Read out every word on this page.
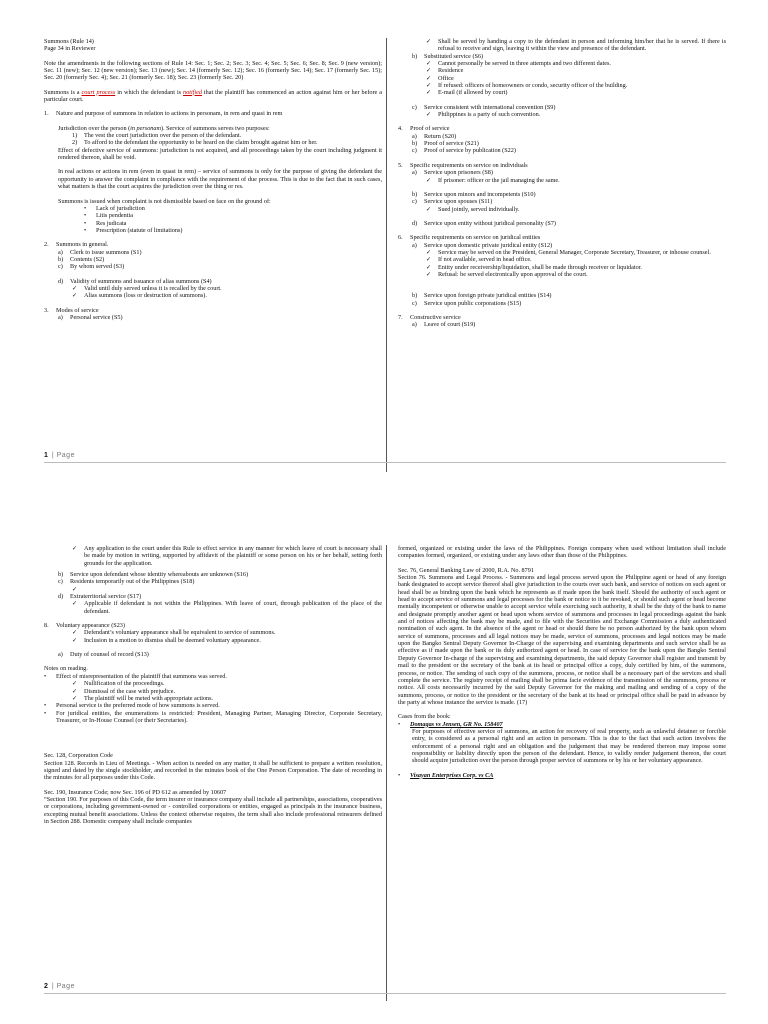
Summons (Rule 14)

Page 34 in Reviewer

Note the amendments in the following sections of Rule 14: Sec. 1; Sec. 2; Sec. 3; Sec. 4; Sec. 5; Sec. 6; Sec. 8; Sec. 9 (new version); Sec. 11 (new); Sec. 12 (new version); Sec. 13 (new); Sec. 14 (formerly Sec. 12); Sec. 16 (formerly Sec. 14); Sec. 17 (formerly Sec. 15); Sec. 20 (formerly Sec. 4); Sec. 21 (formerly Sec. 18); Sec. 23 (formerly Sec. 20)

Summons is a court process in which the defendant is notified that the plaintiff has commenced an action against him or her before a particular court.

1.	Nature and purpose of summons in relation to actions in personam, in rem and quasi in rem

Jurisdiction over the person (in personam). Service of summons serves two purposes:

1)	The vest the court jurisdiction over the person of the defendant.
2)	To afford to the defendant the opportunity to be heard on the claim brought against him or her.

Effect of defective service of summons: jurisdiction is not acquired, and all proceedings taken by the court including judgment it rendered thereon, shall be void.

In real actions or actions in rem (even in quasi in rem) – service of summons is only for the purpose of giving the defendant the opportunity to answer the complaint in compliance with the requirement of due process. This is due to the fact that in such cases, what matters is that the court acquires the jurisdiction over the thing or res.

Summons is issued when complaint is not dismissible based on face on the ground of:

•	Lack of jurisdiction
•	Litis pendentia
•	Res judicata
•	Prescription (statute of limitations)
2.	Summons in general.
a)	Clerk to issue summons (S1)
b)	Contents (S2)
c)	By whom served (S3)
d)	Validity of summons and issuance of alias summons (S4)
✓	Valid until duly served unless it is recalled by the court.
✓	Alias summons (loss or destruction of summons).
3.	Modes of service
a)	Personal service (S5)
✓	Shall be served by handing a copy to the defendant in person and informing him/her that he is served. If there is refusal to receive and sign, leaving it within the view and presence of the defendant.
b)	Substituted service (S6)
✓	Cannot personally be served in three attempts and two different dates.
✓	Residence
✓	Office
✓	If refused: officers of homeowners or condo, security officer of the building.
✓	E-mail (if allowed by court)
c)	Service consistent with international convention (S9)
✓	Philippines is a party of such convention.
4.	Proof of service
a)	Return (S20)
b)	Proof of service (S21)
c)	Proof of service by publication (S22)
5.	Specific requirements on service on individuals
a)	Service upon prisoners (S8)
✓	If prisoner: officer or the jail managing the same.
b)	Service upon minors and incompetents (S10)
c)	Service upon spouses (S11)
✓	Sued jointly, served individually.
d)	Service upon entity without juridical personality (S7)
6.	Specific requirements on service on juridical entities
a)	Service upon domestic private juridical entity (S12)
✓	Service may be served on the President, General Manager, Corporate Secretary, Treasurer, or inhouse counsel.
✓	If not available, served in head office.
✓	Entity under receivership/liquidation, shall be made through receiver or liquidator.
✓	Refusal: be served electronically upon approval of the court.
b)	Service upon foreign private juridical entities (S14)
c)	Service upon public corporations (S15)
7.	Constructive service
a)	Leave of court (S19)
1 | Page
✓	Any application to the court under this Rule to effect service in any manner for which leave of court is necessary shall be made by motion in writing, supported by affidavit of the plaintiff or some person on his or her behalf, setting forth grounds for the application.
b)	Service upon defendant whose identity whereabouts are unknown (S16)
c)	Residents temporarily out of the Philippines (S18)
✓
d)	Extraterritorial service (S17)
✓	Applicable if defendant is not within the Philippines. With leave of court, through publication of the place of the defendant.
8.	Voluntary appearance (S23)
✓	Defendant’s voluntary appearance shall be equivalent to service of summons.
✓	Inclusion in a motion to dismiss shall be deemed voluntary appearance.
a)	Duty of counsel of record (S13)

Notes on reading.

•	Effect of misrepresentation of the plaintiff that summons was served.
✓	Nullification of the proceedings.
✓	Dismissal of the case with prejudice.
✓	The plaintiff will be meted with appropriate actions.
•	Personal service is the preferred mode of how summons is served.
•	For juridical entities, the enumerations is restricted: President, Managing Partner, Managing Director, Corporate Secretary, Treasurer, or In-House Counsel (or their Secretaries).

Sec. 128, Corporation Code

Section 128. Records in Lieu of Meetings. - When action is needed on any matter, it shall be sufficient to prepare a written resolution, signed and dated by the single stockholder, and recorded in the minutes book of the One Person Corporation. The date of recording in the minutes for all purposes under this Code.

Sec. 190, Insurance Code; now Sec. 196 of PD 612 as amended by 10607

“Section 190. For purposes of this Code, the term insurer or insurance company shall include all partnerships, associations, cooperatives or corporations, including government-owned or - controlled corporations or entities, engaged as principals in the insurance business, excepting mutual benefit associations. Unless the context otherwise requires, the term shall also include professional reinsurers defined in Section 288. Domestic company shall include companies

formed, organized or existing under the laws of the Philippines. Foreign company when used without limitation shall include companies formed, organized, or existing under any laws other than those of the Philippines.

Sec. 76, General Banking Law of 2000, R.A. No. 8791

Section 76. Summons and Legal Process. - Summons and legal process served upon the Philippine agent or head of any foreign bank designated to accept service thereof shall give jurisdiction to the courts over such bank, and service of notices on such agent or head shall be as binding upon the bank which he represents as if made upon the bank itself. Should the authority of such agent or head to accept service of summons and legal processes for the bank or notice to it be revoked, or should such agent or head become mentally incompetent or otherwise unable to accept service while exercising such authority, it shall be the duty of the bank to name and designate promptly another agent or head upon whom service of summons and processes in legal proceedings against the bank and of notices affecting the bank may be made, and to file with the Securities and Exchange Commission a duly authenticated nomination of such agent. In the absence of the agent or head or should there be no person authorized by the bank upon whom service of summons, processes and all legal notices may be made, service of summons, processes and legal notices may be made upon the Bangko Sentral Deputy Governor In-Charge of the supervising and examining departments and such service shall be as effective as if made upon the bank or its duly authorized agent or head. In case of service for the bank upon the Bangko Sentral Deputy Governor In-charge of the supervising and examining departments, the said deputy Governor shall register and transmit by mail to the president or the secretary of the bank at its head or principal office a copy, duly certified by him, of the summons, process, or notice. The sending of such copy of the summons, process, or notice shall be a necessary part of the services and shall complete the service. The registry receipt of mailing shall be prima facie evidence of the transmission of the summons, process or notice. All costs necessarily incurred by the said Deputy Governor for the making and mailing and sending of a copy of the summons, process, or notice to the president or the secretary of the bank at its head or principal office shall be paid in advance by the party at whose instance the service is made. (17)

Cases from the book:

•	Domagas vs Jensen, GR No. 158407

For purposes of effective service of summons, an action for recovery of real property, such as unlawful detainer or forcible entry, is considered as a personal right and an action in personam. This is due to the fact that such action involves the enforcement of a personal right and an obligation and the judgement that may be rendered thereon may impose some responsibility or liability directly upon the person of the defendant. Hence, to validly render judgement thereon, the court should acquire jurisdiction over the person through proper service of summons or by his or her voluntary appearance.

•	Visayan Enterprises Corp. vs CA
2 | Page
